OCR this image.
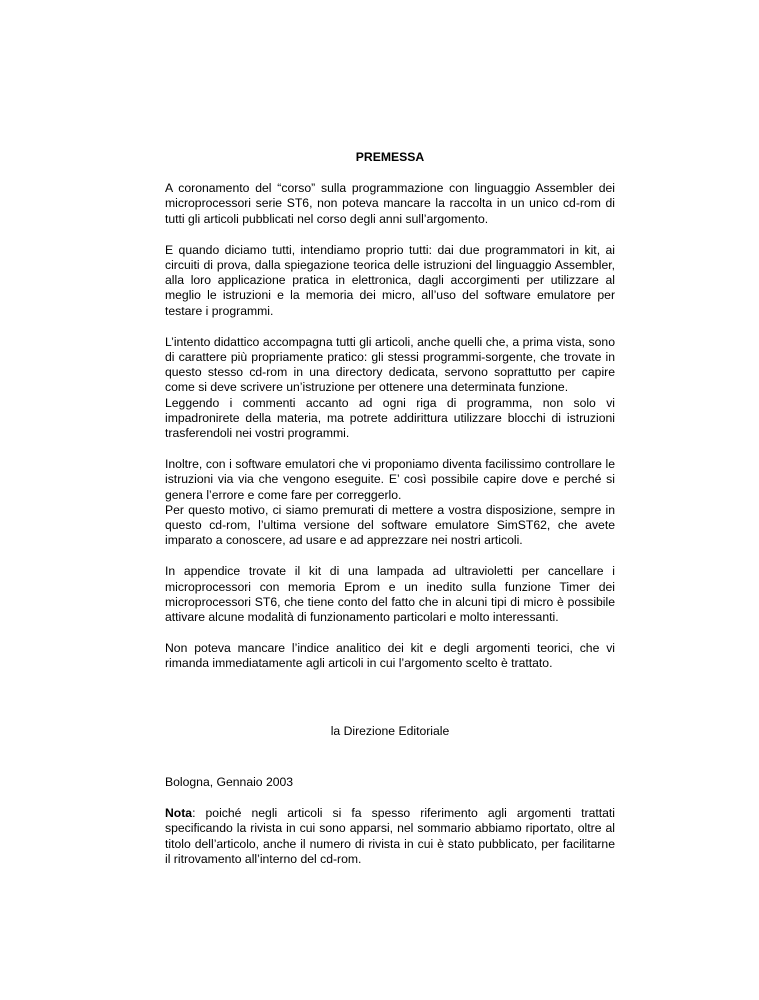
PREMESSA

A coronamento del “corso” sulla programmazione con linguaggio Assembler dei microprocessori serie ST6, non poteva mancare la raccolta in un unico cd-rom di tutti gli articoli pubblicati nel corso degli anni sull’argomento.

E quando diciamo tutti, intendiamo proprio tutti: dai due programmatori in kit, ai circuiti di prova, dalla spiegazione teorica delle istruzioni del linguaggio Assembler, alla loro applicazione pratica in elettronica, dagli accorgimenti per utilizzare al meglio le istruzioni e la memoria dei micro, all’uso del software emulatore per testare i programmi.

L’intento didattico accompagna tutti gli articoli, anche quelli che, a prima vista, sono di carattere più propriamente pratico: gli stessi programmi-sorgente, che trovate in questo stesso cd-rom in una directory dedicata, servono soprattutto per capire come si deve scrivere un’istruzione per ottenere una determinata funzione.

Leggendo i commenti accanto ad ogni riga di programma, non solo vi impadronirete della materia, ma potrete addirittura utilizzare blocchi di istruzioni trasferendoli nei vostri programmi.

Inoltre, con i software emulatori che vi proponiamo diventa facilissimo controllare le istruzioni via via che vengono eseguite. E’ così possibile capire dove e perché si genera l’errore e come fare per correggerlo.

Per questo motivo, ci siamo premurati di mettere a vostra disposizione, sempre in questo cd-rom, l’ultima versione del software emulatore SimST62, che avete imparato a conoscere, ad usare e ad apprezzare nei nostri articoli.

In appendice trovate il kit di una lampada ad ultravioletti per cancellare i microprocessori con memoria Eprom e un inedito sulla funzione Timer dei microprocessori ST6, che tiene conto del fatto che in alcuni tipi di micro è possibile attivare alcune modalità di funzionamento particolari e molto interessanti.

Non poteva mancare l’indice analitico dei kit e degli argomenti teorici, che vi rimanda immediatamente agli articoli in cui l’argomento scelto è trattato.

la Direzione Editoriale
Bologna, Gennaio 2003

Nota: poiché negli articoli si fa spesso riferimento agli argomenti trattati specificando la rivista in cui sono apparsi, nel sommario abbiamo riportato, oltre al titolo dell’articolo, anche il numero di rivista in cui è stato pubblicato, per facilitarne il ritrovamento all’interno del cd-rom.
